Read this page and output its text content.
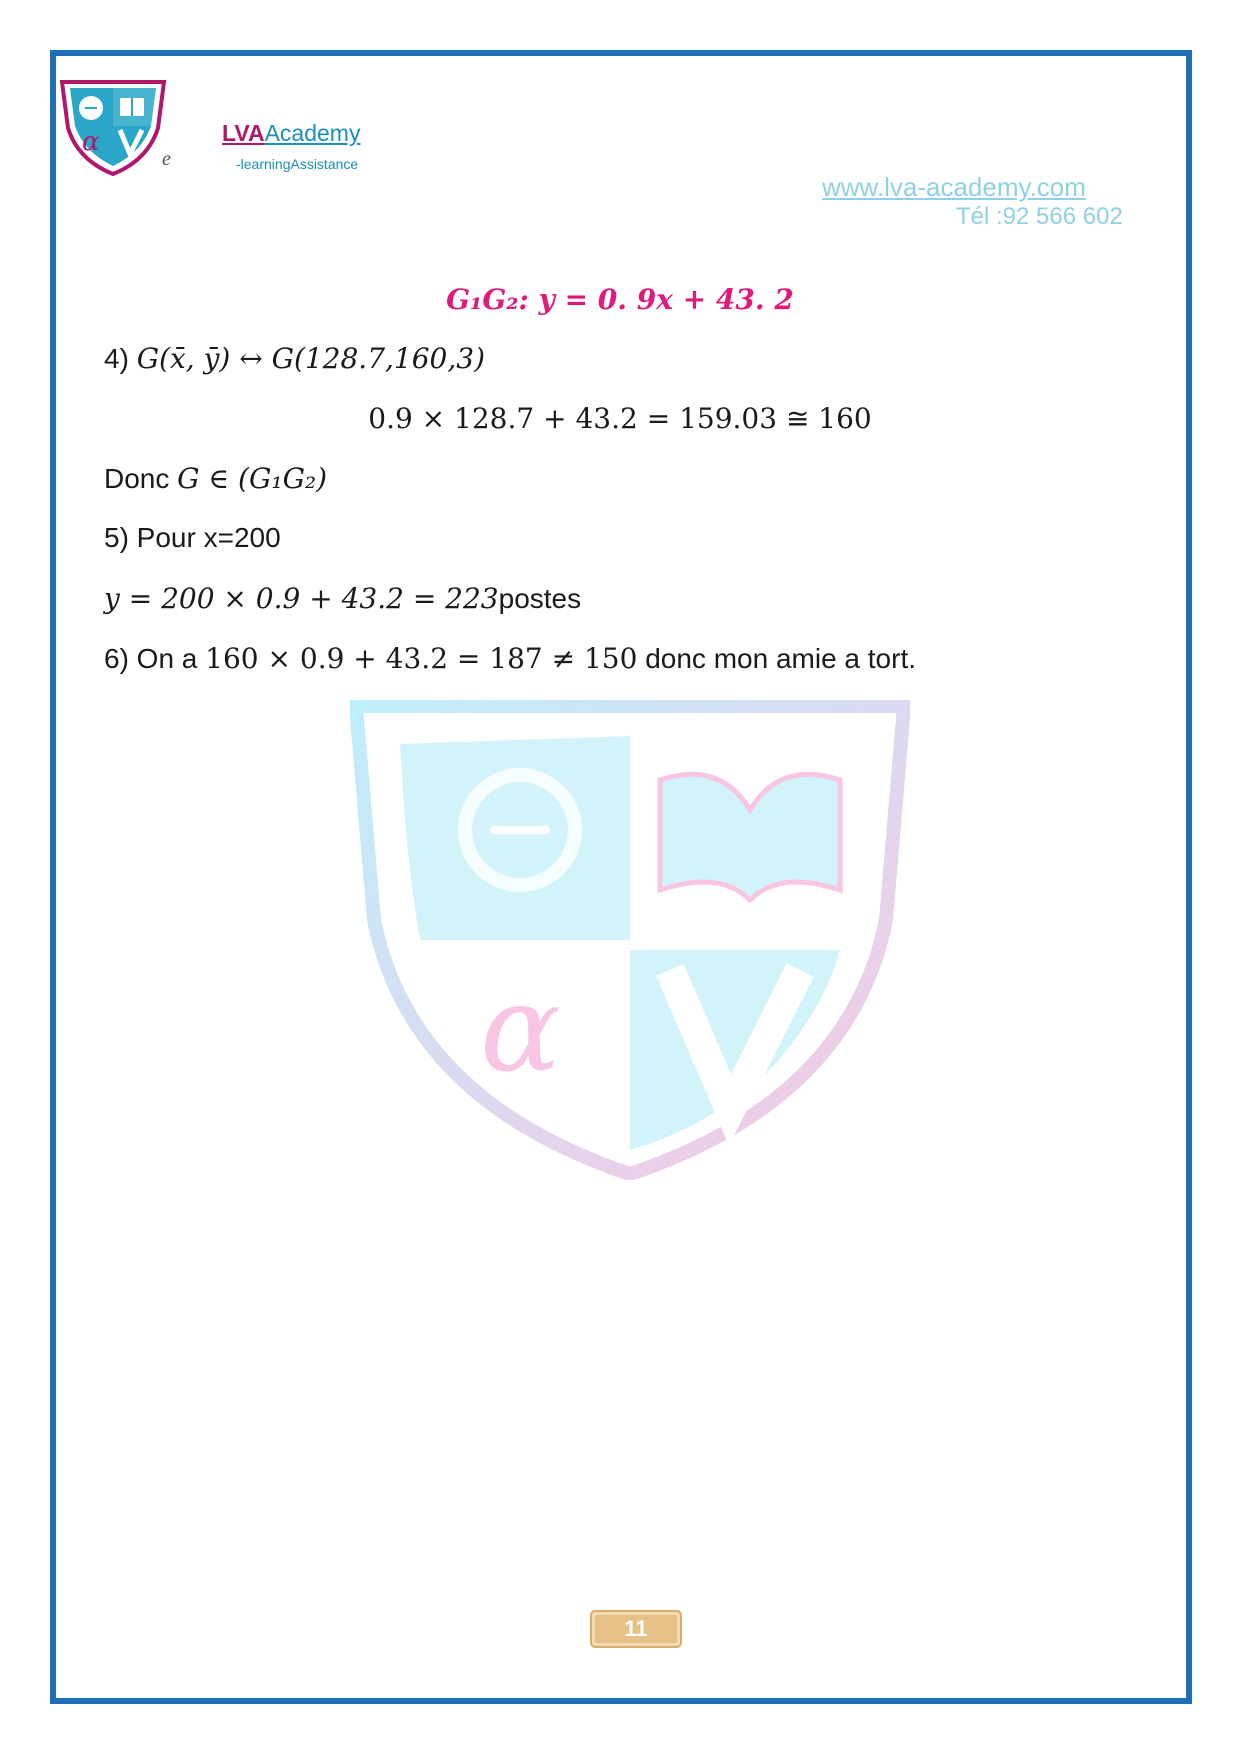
α
e
LVAAcademy
-learningAssistance
www.lva-academy.com
Tél :92 566 602
α
G₁G₂: y = 0. 9x + 43. 2
4) G(x̄, ȳ) ↔ G(128.7,160,3)
0.9 × 128.7 + 43.2 = 159.03 ≅ 160
Donc G ∈ (G₁G₂)
5) Pour x=200
y = 200 × 0.9 + 43.2 = 223postes
6) On a 160 × 0.9 + 43.2 = 187 ≠ 150 donc mon amie a tort.
11
